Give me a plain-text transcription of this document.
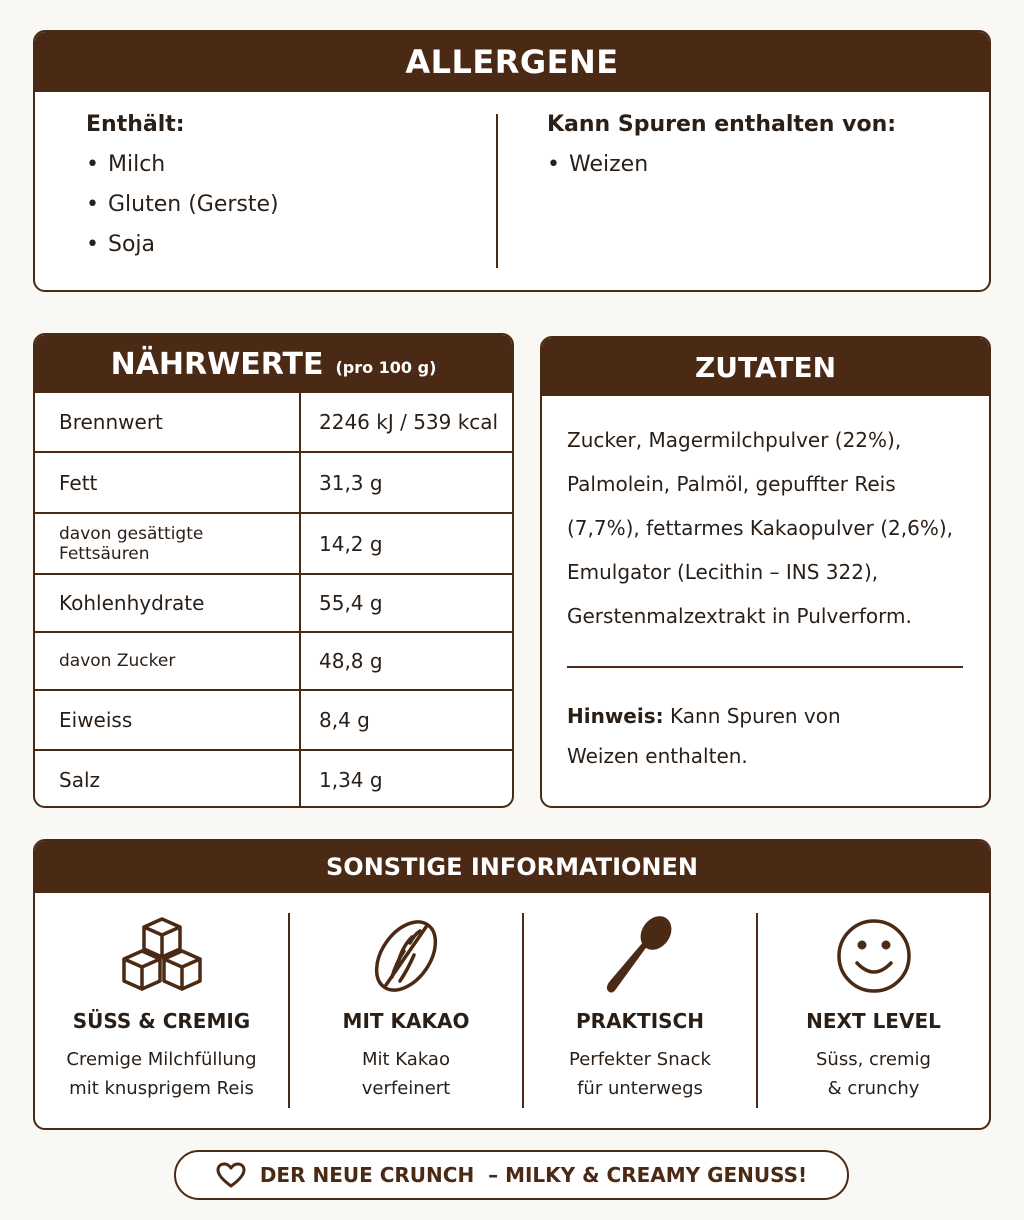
ALLERGENE
Enthält:
• Milch
• Gluten (Gerste)
• Soja
Kann Spuren enthalten von:
• Weizen
NÄHRWERTE (pro 100 g)
Brennwert	2246 kJ / 539 kcal
Fett	31,3 g
davon gesättigte Fettsäuren	14,2 g
Kohlenhydrate	55,4 g
davon Zucker	48,8 g
Eiweiss	8,4 g
Salz	1,34 g
ZUTATEN
Zucker, Magermilchpulver (22%),
Palmolein, Palmöl, gepuffter Reis
(7,7%), fettarmes Kakaopulver (2,6%),
Emulgator (Lecithin – INS 322),
Gerstenmalzextrakt in Pulverform.
Hinweis: Kann Spuren von
Weizen enthalten.
SONSTIGE INFORMATIONEN
SÜSS & CREMIG

Cremige Milchfüllung
mit knusprigem Reis

MIT KAKAO

Mit Kakao
verfeinert

PRAKTISCH

Perfekter Snack
für unterwegs

NEXT LEVEL

Süss, cremig
& crunchy

DER NEUE CRUNCH  – MILKY & CREAMY GENUSS!
